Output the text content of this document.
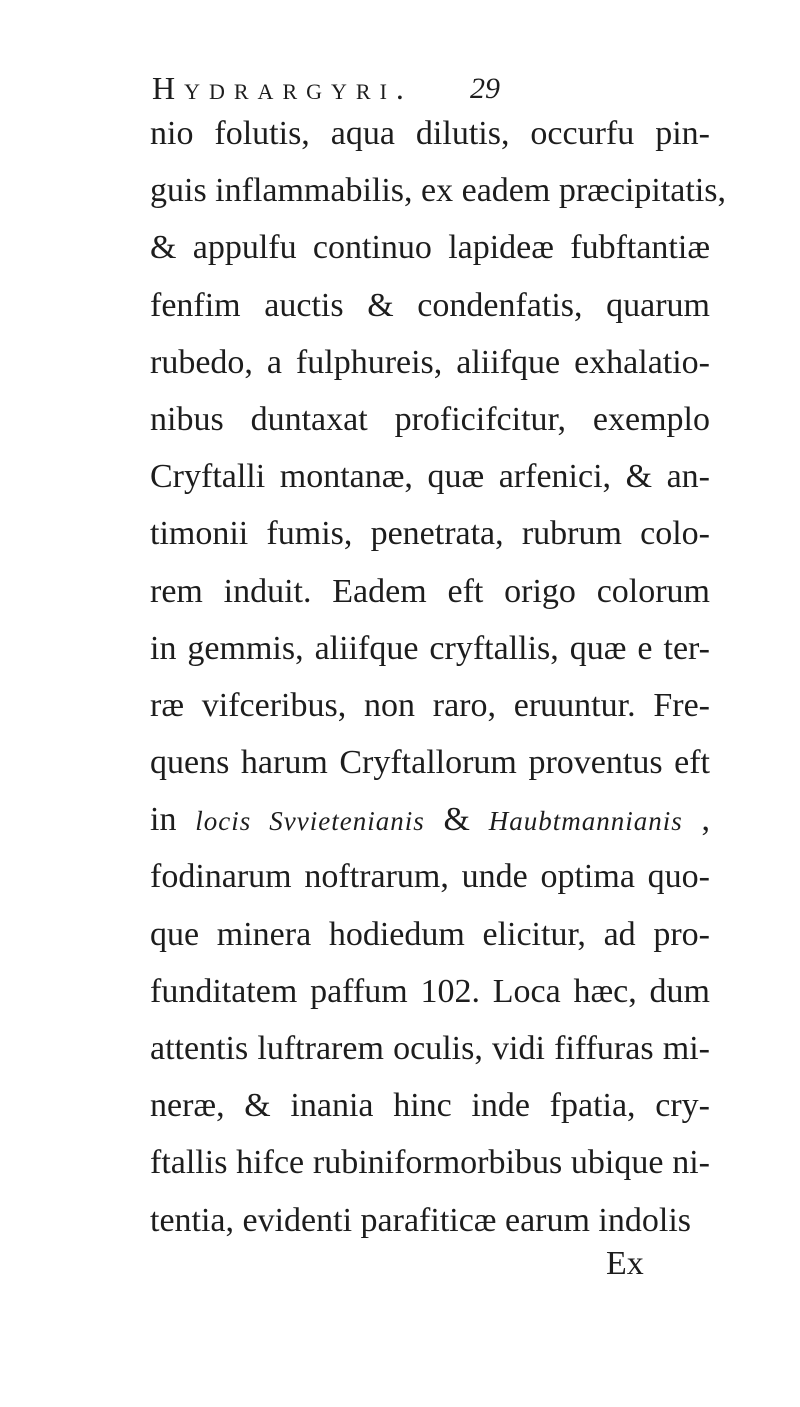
Hydrargyri. 29
nio folutis, aqua dilutis, occurfu pin-
guis inflammabilis, ex eadem præcipitatis,
& appulfu continuo lapideæ fubftantiæ
fenfim auctis & condenfatis, quarum
rubedo, a fulphureis, aliifque exhalatio-
nibus duntaxat proficifcitur, exemplo
Cryftalli montanæ, quæ arfenici, & an-
timonii fumis, penetrata, rubrum colo-
rem induit. Eadem eft origo colorum
in gemmis, aliifque cryftallis, quæ e ter-
ræ vifceribus, non raro, eruuntur. Fre-
quens harum Cryftallorum proventus eft
in locis Svvietenianis & Haubtmannianis ,
fodinarum noftrarum, unde optima quo-
que minera hodiedum elicitur, ad pro-
funditatem paffum 102. Loca hæc, dum
attentis luftrarem oculis, vidi fiffuras mi-
neræ, & inania hinc inde fpatia, cry-
ftallis hifce rubiniformorbibus ubique ni-
tentia, evidenti parafiticæ earum indolis
Ex
